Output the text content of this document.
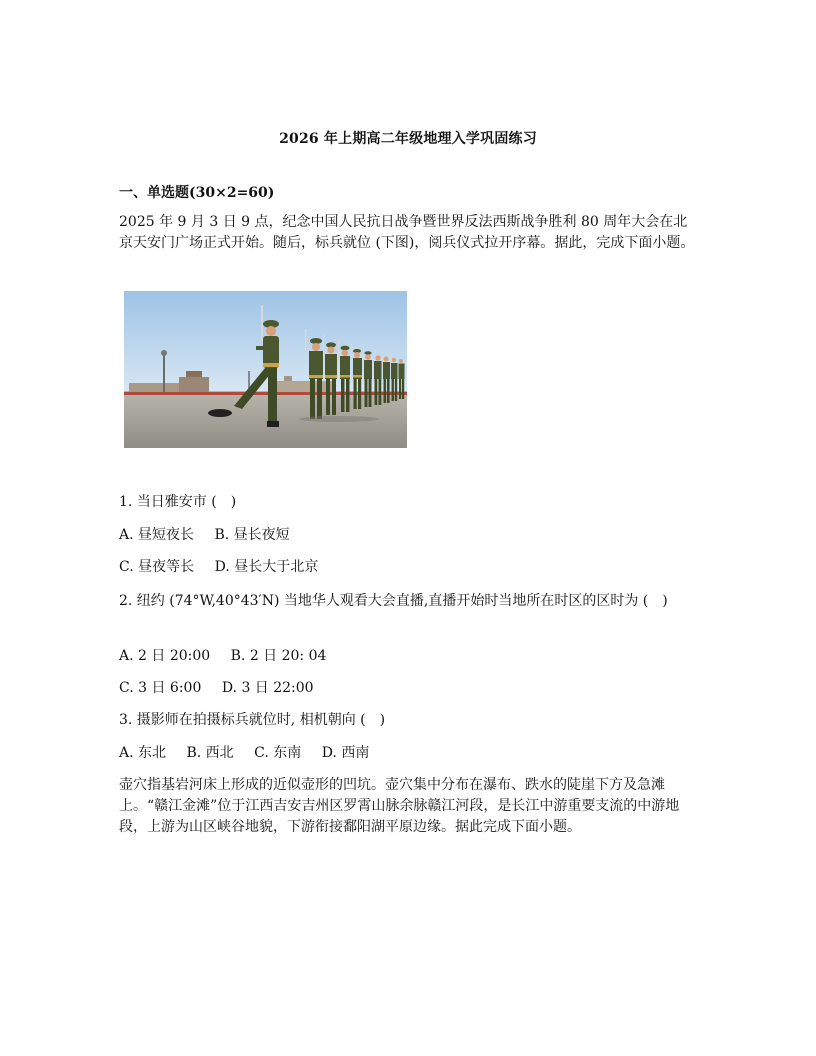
2026 年上期高二年级地理入学巩固练习
一、单选题(30×2=60)
2025 年 9 月 3 日 9 点，纪念中国人民抗日战争暨世界反法西斯战争胜利 80 周年大会在北京天安门广场正式开始。随后，标兵就位 (下图)，阅兵仪式拉开序幕。据此，完成下面小题。
1. 当日雅安市 (　)
A. 昼短夜长 B. 昼长夜短
C. 昼夜等长 D. 昼长大于北京
2. 纽约 (74°W,40°43′N) 当地华人观看大会直播,直播开始时当地所在时区的区时为 (　)
A. 2 日 20:00 B. 2 日 20: 04
C. 3 日 6:00 D. 3 日 22:00
3. 摄影师在拍摄标兵就位时, 相机朝向 (　)
A. 东北 B. 西北 C. 东南 D. 西南
壶穴指基岩河床上形成的近似壶形的凹坑。壶穴集中分布在瀑布、跌水的陡崖下方及急滩上。“赣江金滩”位于江西吉安吉州区罗霄山脉余脉赣江河段，是长江中游重要支流的中游地段，上游为山区峡谷地貌，下游衔接鄱阳湖平原边缘。据此完成下面小题。
